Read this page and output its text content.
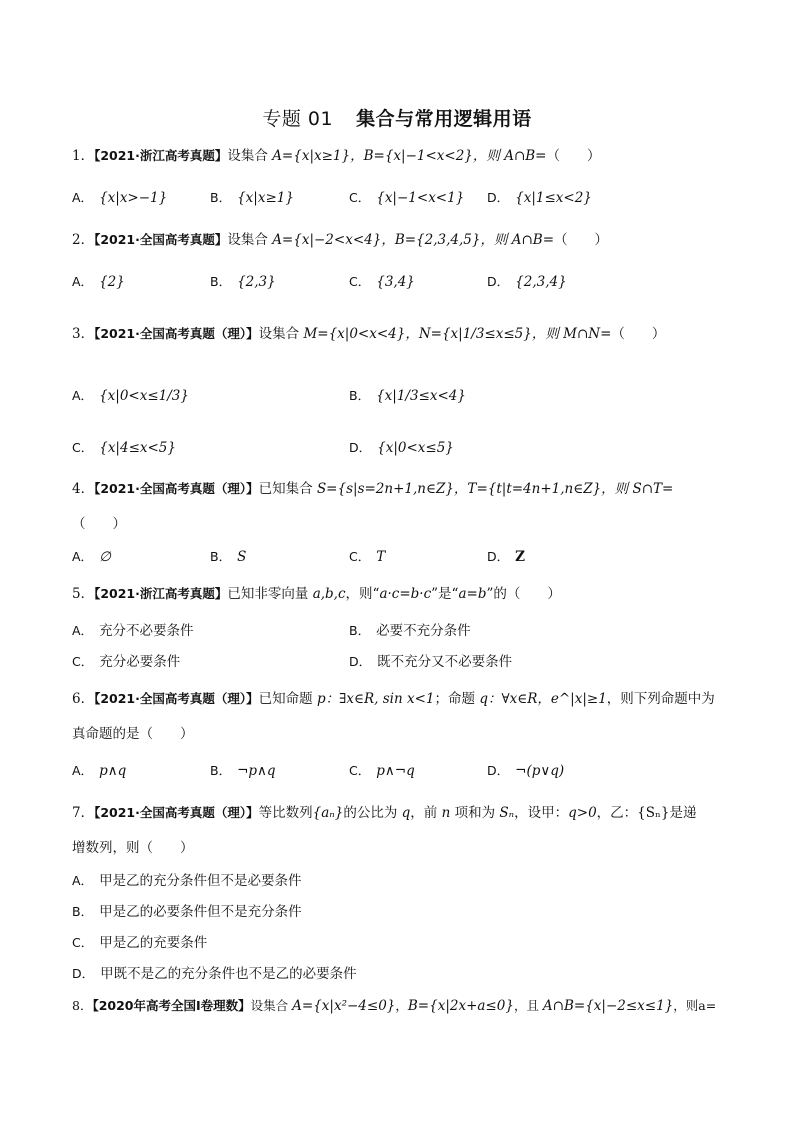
专题 01 集合与常用逻辑用语
1．【2021·浙江高考真题】设集合 A={x|x≥1}，B={x|−1<x<2}，则 A∩B=（　　）
A． {x|x>−1}	B． {x|x≥1}	C． {x|−1<x<1} D． {x|1≤x<2}
2．【2021·全国高考真题】设集合 A={x|−2<x<4}，B={2,3,4,5}，则 A∩B=（　　）
A． {2}	B． {2,3}	C． {3,4}	D． {2,3,4}
3．【2021·全国高考真题（理）】设集合 M={x|0<x<4}，N={x|1/3≤x≤5}，则 M∩N=（　　）
A． {x|0<x≤1/3}	B． {x|1/3≤x<4}
C． {x|4≤x<5}	D． {x|0<x≤5}
4．【2021·全国高考真题（理）】已知集合 S={s|s=2n+1,n∈Z}，T={t|t=4n+1,n∈Z}，则 S∩T=
（　　）
A． ∅	B． S	C． T	D． Z
5．【2021·浙江高考真题】已知非零向量 a,b,c，则“a·c=b·c”是“a=b”的（　　）
A． 充分不必要条件	B． 必要不充分条件
C． 充分必要条件	D． 既不充分又不必要条件
6．【2021·全国高考真题（理）】已知命题 p：∃x∈R, sin x<1；命题 q：∀x∈R，e^|x|≥1，则下列命题中为
真命题的是（　　）
A． p∧q	B． ¬p∧q	C． p∧¬q	D． ¬(p∨q)
7．【2021·全国高考真题（理）】等比数列{aₙ}的公比为 q，前 n 项和为 Sₙ，设甲：q>0，乙：{Sₙ}是递
增数列，则（　　）
A． 甲是乙的充分条件但不是必要条件
B． 甲是乙的必要条件但不是充分条件
C． 甲是乙的充要条件
D． 甲既不是乙的充分条件也不是乙的必要条件
8．【2020年高考全国Ⅰ卷理数】设集合 A={x|x²−4≤0}，B={x|2x+a≤0}，且 A∩B={x|−2≤x≤1}，则a=
